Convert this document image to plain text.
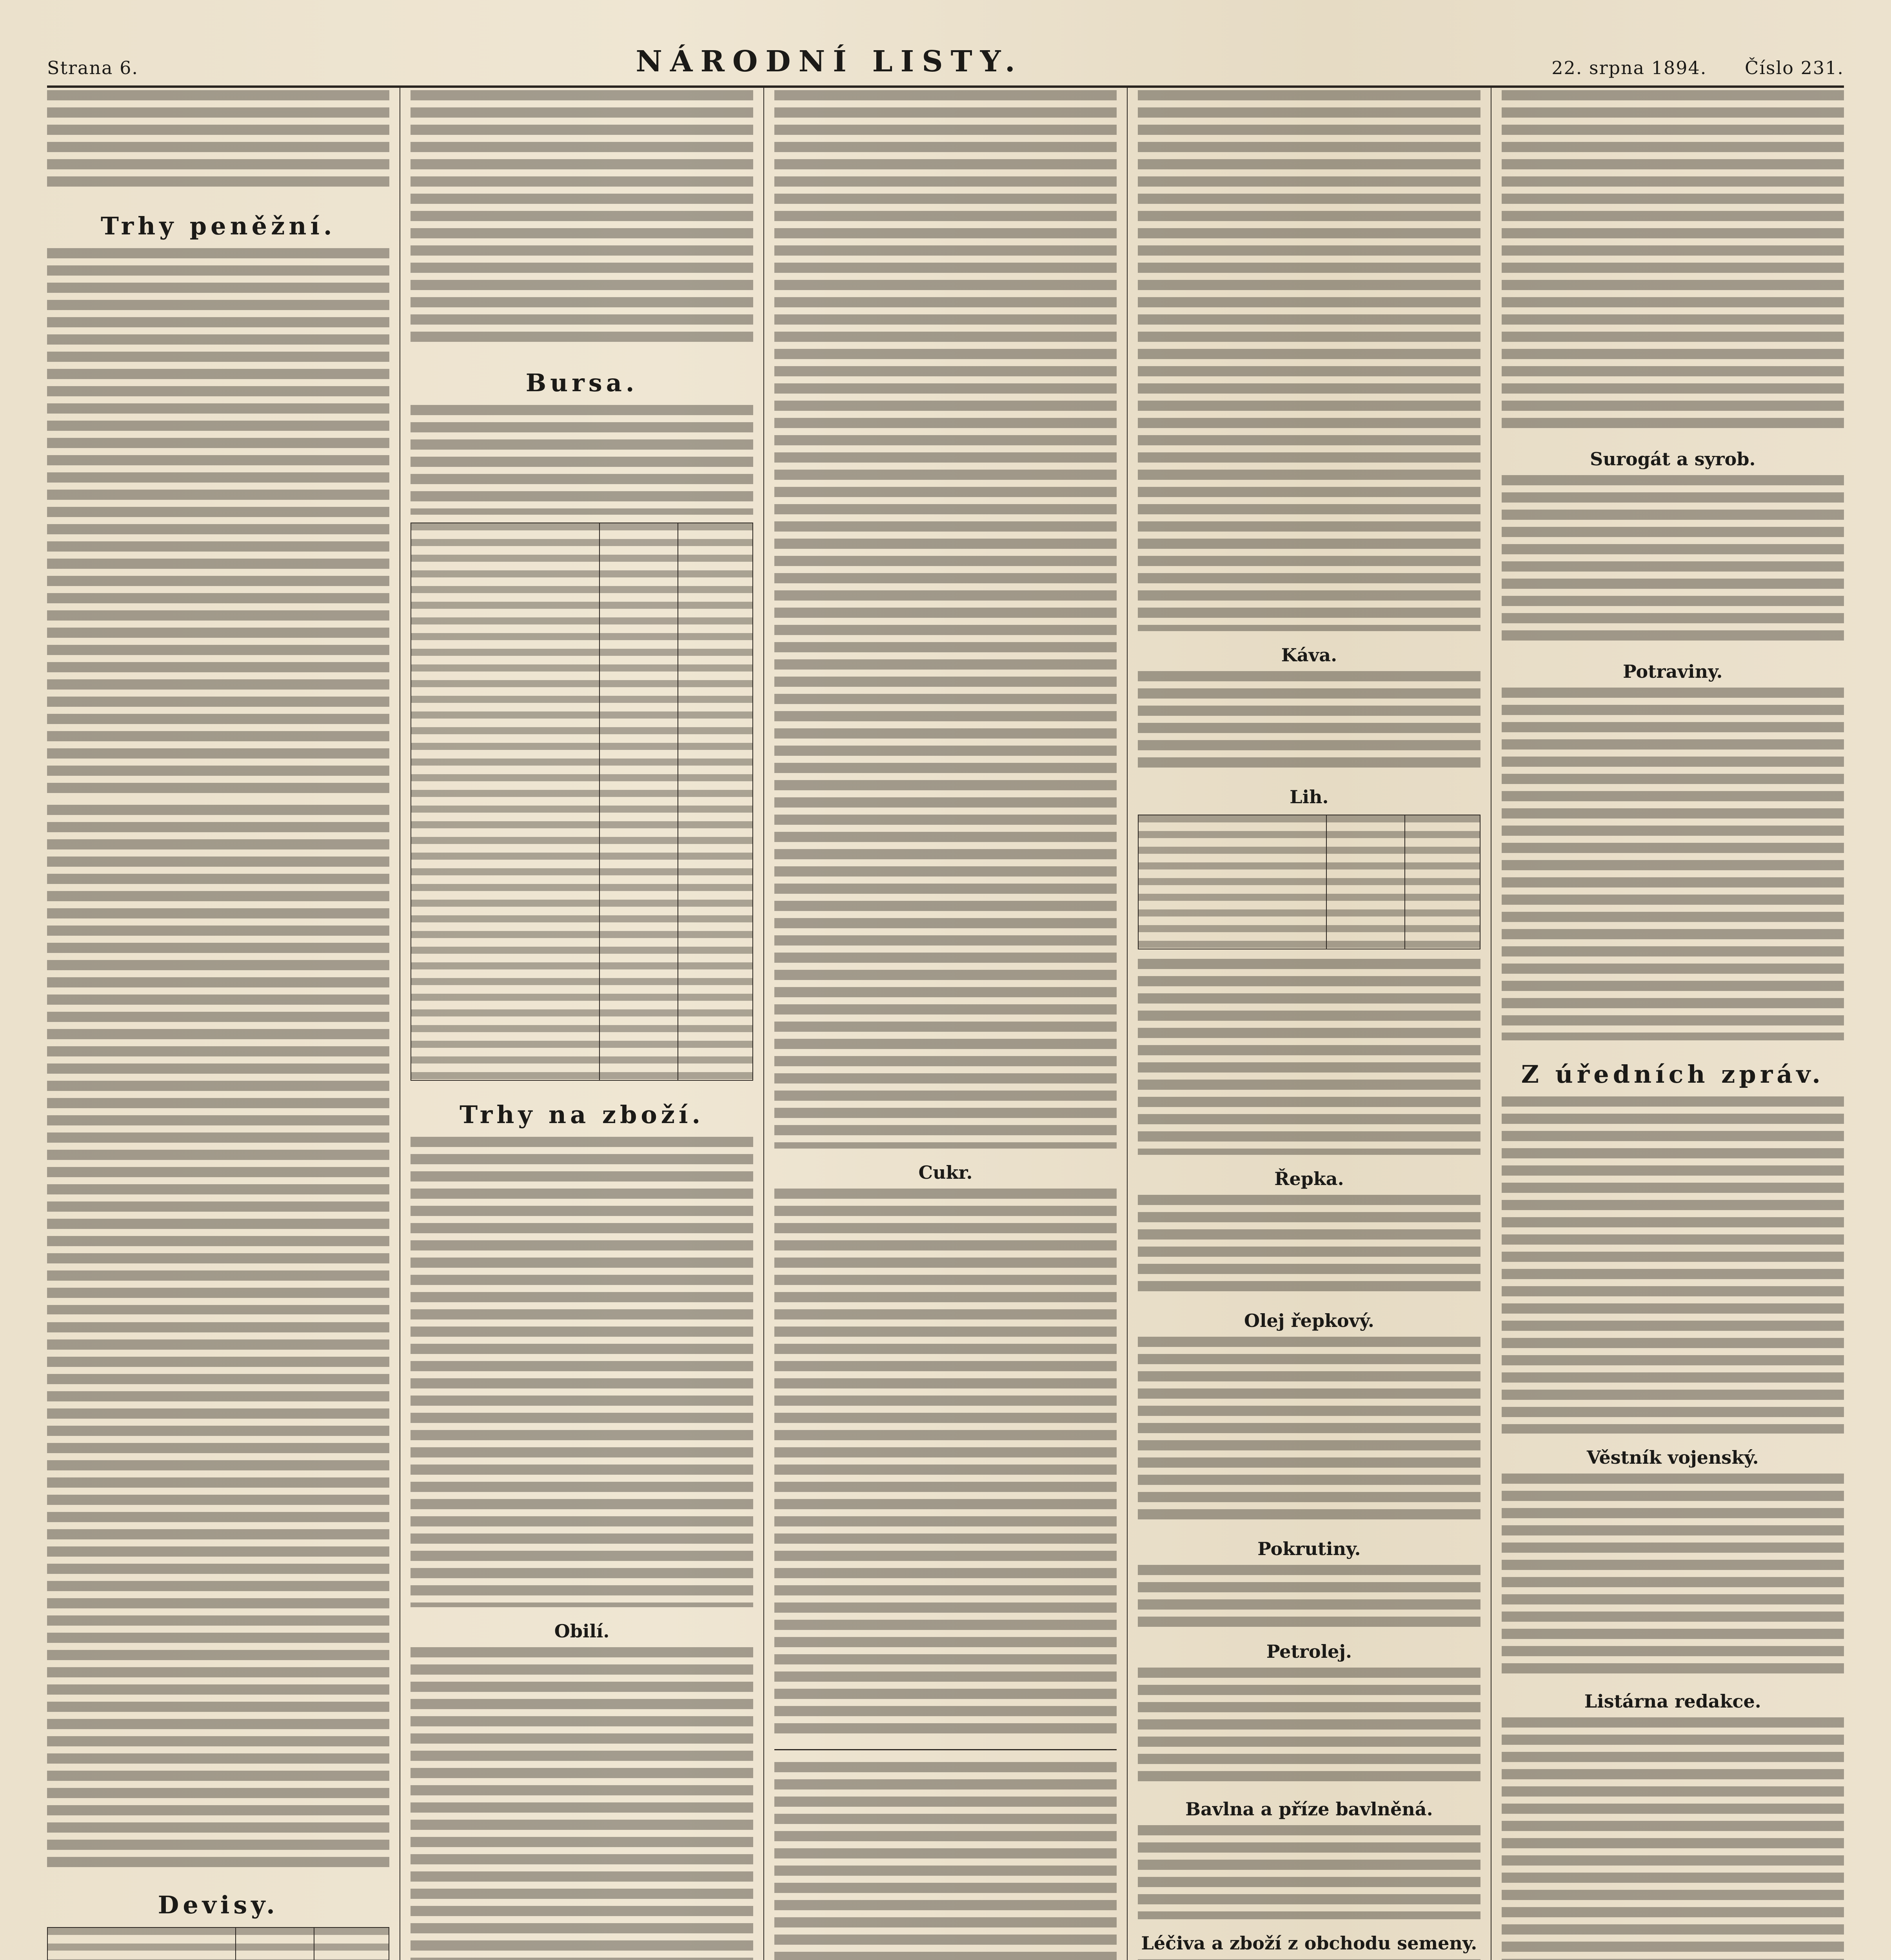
Strana 6.	NÁRODNÍ LISTY.	22. srpna 1894. Číslo 231.
Trhy peněžní.
Devisy.
Bursa.
Trhy na zboží.
Obilí.
Cukr.
Káva.
Lih.
Řepka.
Olej řepkový.
Pokrutiny.
Petrolej.
Bavlna a příze bavlněná.
Léčiva a zboží z obchodu semeny.
Surogát a syrob.
Potraviny.
Z úředních zpráv.
Věstník vojenský.
Listárna redakce.
